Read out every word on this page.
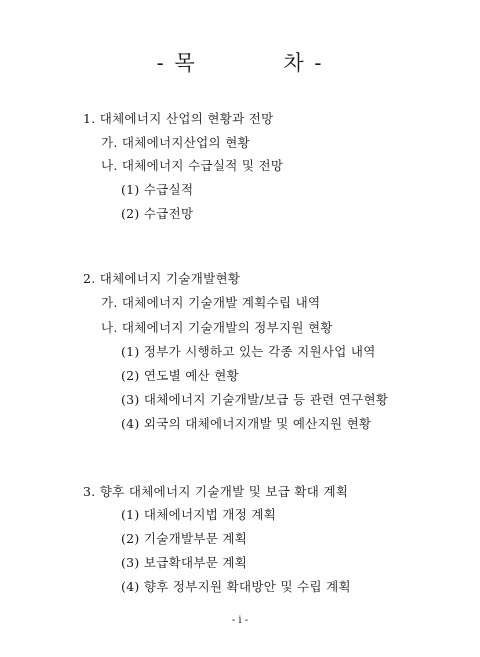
- 목          차 -
1. 대체에너지 산업의 현황과 전망
가. 대체에너지산업의 현황
나. 대체에너지 수급실적 및 전망
(1) 수급실적
(2) 수급전망
2. 대체에너지 기술개발현황
가. 대체에너지 기술개발 계획수립 내역
나. 대체에너지 기술개발의 정부지원 현황
(1) 정부가 시행하고 있는 각종 지원사업 내역
(2) 연도별 예산 현황
(3) 대체에너지 기술개발/보급 등 관련 연구현황
(4) 외국의 대체에너지개발 및 예산지원 현황
3. 향후 대체에너지 기술개발 및 보급 확대 계획
(1) 대체에너지법 개정 계획
(2) 기술개발부문 계획
(3) 보급확대부문 계획
(4) 향후 정부지원 확대방안 및 수립 계획
- i -
